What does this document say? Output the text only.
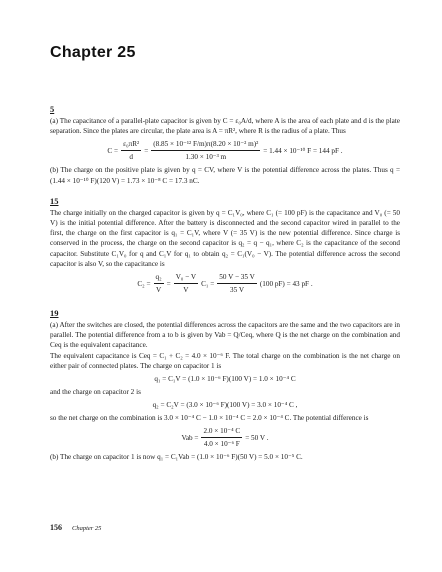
Chapter 25
5

(a) The capacitance of a parallel-plate capacitor is given by C = ε₀A/d, where A is the area of each plate and d is the plate separation. Since the plates are circular, the plate area is A = πR², where R is the radius of a plate. Thus

$C = \frac{\text{ε₀πR²}}{d} = \frac{\text{(8.85 × 10⁻¹² F/m)π(8.20 × 10⁻² m)²}}{\text{1.30 × 10⁻³ m}} = 1.44 \times 10^{-10}$ F = 144 pF .

(b) The charge on the positive plate is given by q = CV, where V is the potential difference across the plates. Thus q = (1.44 × 10⁻¹⁰ F)(120 V) = 1.73 × 10⁻⁸ C = 17.3 nC.

15

The charge initially on the charged capacitor is given by q = C₁V₀, where C₁ (= 100 pF) is the capacitance and V₀ (= 50 V) is the initial potential difference. After the battery is disconnected and the second capacitor wired in parallel to the first, the charge on the first capacitor is q₁ = C₁V, where V (= 35 V) is the new potential difference. Since charge is conserved in the process, the charge on the second capacitor is q₂ = q − q₁, where C₂ is the capacitance of the second capacitor. Substitute C₁V₀ for q and C₁V for q₁ to obtain q₂ = C₁(V₀ − V). The potential difference across the second capacitor is also V, so the capacitance is

$C_2 = \frac{\text{q₂}}{V} = \frac{\text{V₀ − V}}{V} C_1 = \frac{50 V - 35 V}{35 V} (100$ pF) = 43 pF .
19

(a) After the switches are closed, the potential differences across the capacitors are the same and the two capacitors are in parallel. The potential difference from a to b is given by Vab = Q/Ceq, where Q is the net charge on the combination and Ceq is the equivalent capacitance.

The equivalent capacitance is Ceq = C₁ + C₂ = 4.0 × 10⁻⁶ F. The total charge on the combination is the net charge on either pair of connected plates. The charge on capacitor 1 is

q₁ = C₁V = (1.0 × 10⁻⁶ F)(100 V) = 1.0 × 10⁻⁴ C

and the charge on capacitor 2 is

q₂ = C₂V = (3.0 × 10⁻⁶ F)(100 V) = 3.0 × 10⁻⁴ C ,

so the net charge on the combination is 3.0 × 10⁻⁴ C − 1.0 × 10⁻⁴ C = 2.0 × 10⁻⁴ C. The potential difference is

Vab = $\frac{\text{2.0 × 10⁻⁴ C}}{\text{4.0 × 10⁻⁶ F}} = 50$ V .

(b) The charge on capacitor 1 is now q₁ = C₁Vab = (1.0 × 10⁻⁶ F)(50 V) = 5.0 × 10⁻⁵ C.

156 Chapter 25
